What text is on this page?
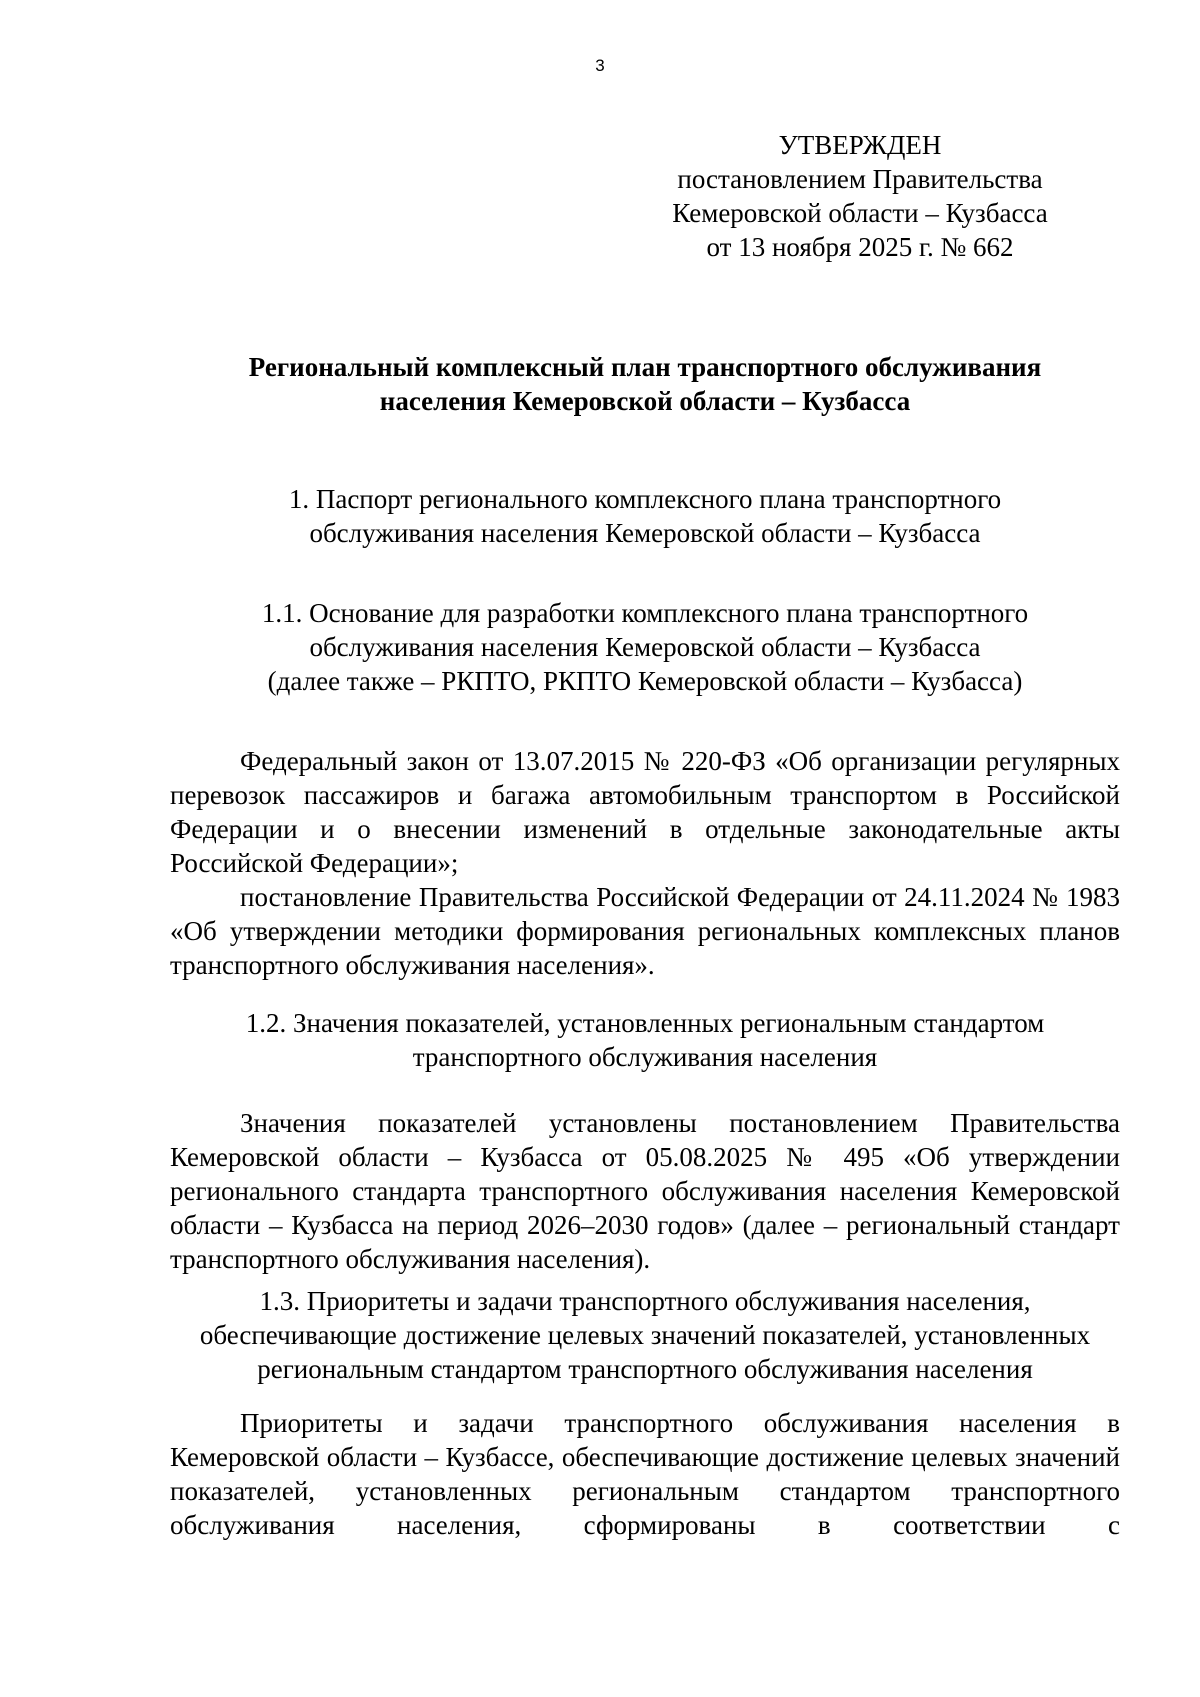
3
УТВЕРЖДЕН
постановлением Правительства
Кемеровской области – Кузбасса
от 13 ноября 2025 г. № 662
Региональный комплексный план транспортного обслуживания
населения Кемеровской области – Кузбасса
1. Паспорт регионального комплексного плана транспортного
обслуживания населения Кемеровской области – Кузбасса
1.1. Основание для разработки комплексного плана транспортного
обслуживания населения Кемеровской области – Кузбасса
(далее также – РКПТО, РКПТО Кемеровской области – Кузбасса)

Федеральный закон от 13.07.2015 № 220-ФЗ «Об организации регулярных перевозок пассажиров и багажа автомобильным транспортом в Российской Федерации и о внесении изменений в отдельные законодательные акты Российской Федерации»;

постановление Правительства Российской Федерации от 24.11.2024 № 1983 «Об утверждении методики формирования региональных комплексных планов транспортного обслуживания населения».

1.2. Значения показателей, установленных региональным стандартом
транспортного обслуживания населения

Значения показателей установлены постановлением Правительства Кемеровской области – Кузбасса от 05.08.2025 № 495 «Об утверждении регионального стандарта транспортного обслуживания населения Кемеровской области – Кузбасса на период 2026–2030 годов» (далее – региональный стандарт транспортного обслуживания населения).

1.3. Приоритеты и задачи транспортного обслуживания населения,
обеспечивающие достижение целевых значений показателей, установленных
региональным стандартом транспортного обслуживания населения

Приоритеты и задачи транспортного обслуживания населения в Кемеровской области – Кузбассе, обеспечивающие достижение целевых значений показателей, установленных региональным стандартом транспортного обслуживания населения, сформированы в соответствии с
